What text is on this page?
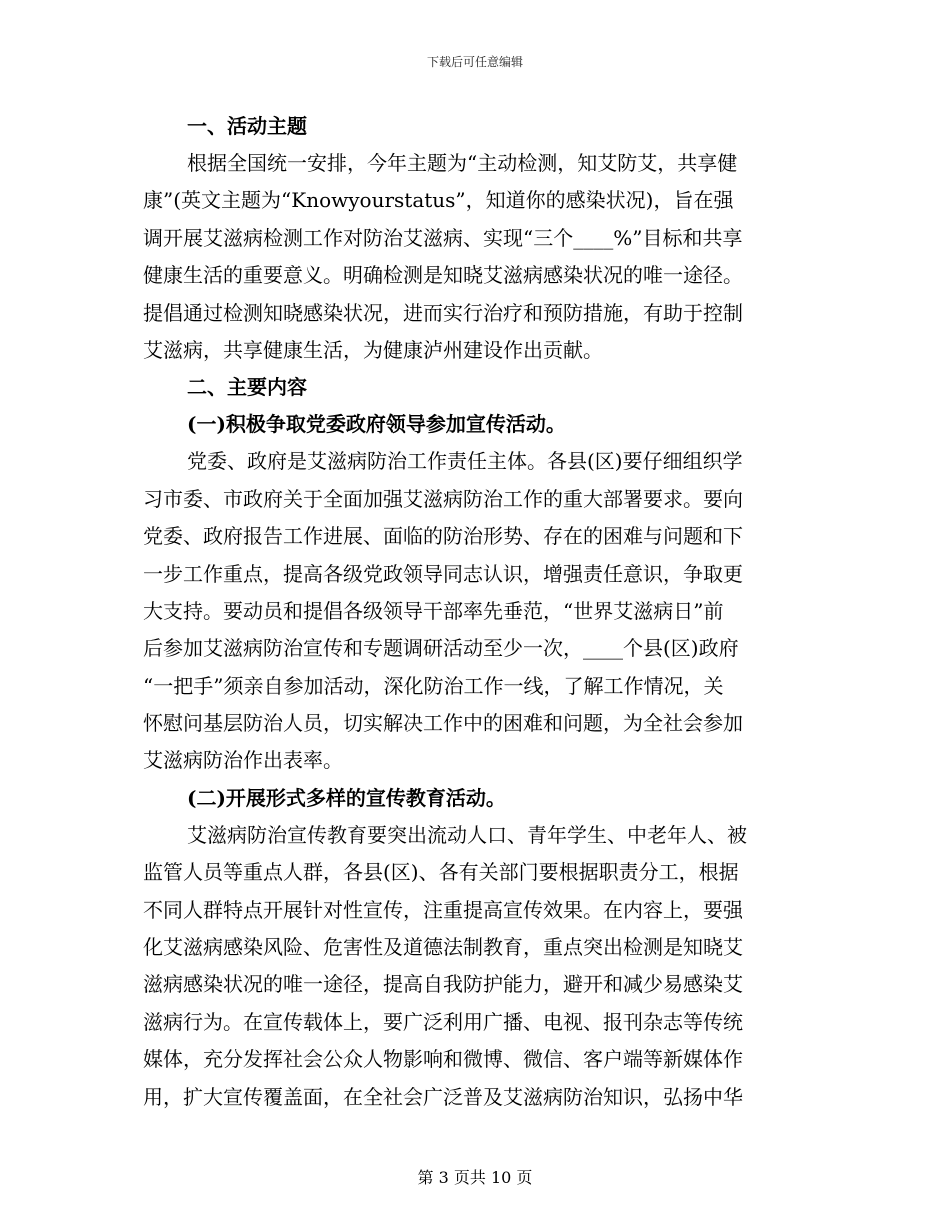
下载后可任意编辑
一、活动主题
根据全国统一安排，今年主题为“主动检测，知艾防艾，共享健
康”(英文主题为“Knowyourstatus”，知道你的感染状况)，旨在强
调开展艾滋病检测工作对防治艾滋病、实现“三个____%”目标和共享
健康生活的重要意义。明确检测是知晓艾滋病感染状况的唯一途径。
提倡通过检测知晓感染状况，进而实行治疗和预防措施，有助于控制
艾滋病，共享健康生活，为健康泸州建设作出贡献。
二、主要内容
(一)积极争取党委政府领导参加宣传活动。
党委、政府是艾滋病防治工作责任主体。各县(区)要仔细组织学
习市委、市政府关于全面加强艾滋病防治工作的重大部署要求。要向
党委、政府报告工作进展、面临的防治形势、存在的困难与问题和下
一步工作重点，提高各级党政领导同志认识，增强责任意识，争取更
大支持。要动员和提倡各级领导干部率先垂范，“世界艾滋病日”前
后参加艾滋病防治宣传和专题调研活动至少一次，____个县(区)政府
“一把手”须亲自参加活动，深化防治工作一线，了解工作情况，关
怀慰问基层防治人员，切实解决工作中的困难和问题，为全社会参加
艾滋病防治作出表率。
(二)开展形式多样的宣传教育活动。
艾滋病防治宣传教育要突出流动人口、青年学生、中老年人、被
监管人员等重点人群，各县(区)、各有关部门要根据职责分工，根据
不同人群特点开展针对性宣传，注重提高宣传效果。在内容上，要强
化艾滋病感染风险、危害性及道德法制教育，重点突出检测是知晓艾
滋病感染状况的唯一途径，提高自我防护能力，避开和减少易感染艾
滋病行为。在宣传载体上，要广泛利用广播、电视、报刊杂志等传统
媒体，充分发挥社会公众人物影响和微博、微信、客户端等新媒体作
用，扩大宣传覆盖面，在全社会广泛普及艾滋病防治知识，弘扬中华
第 3 页共 10 页
